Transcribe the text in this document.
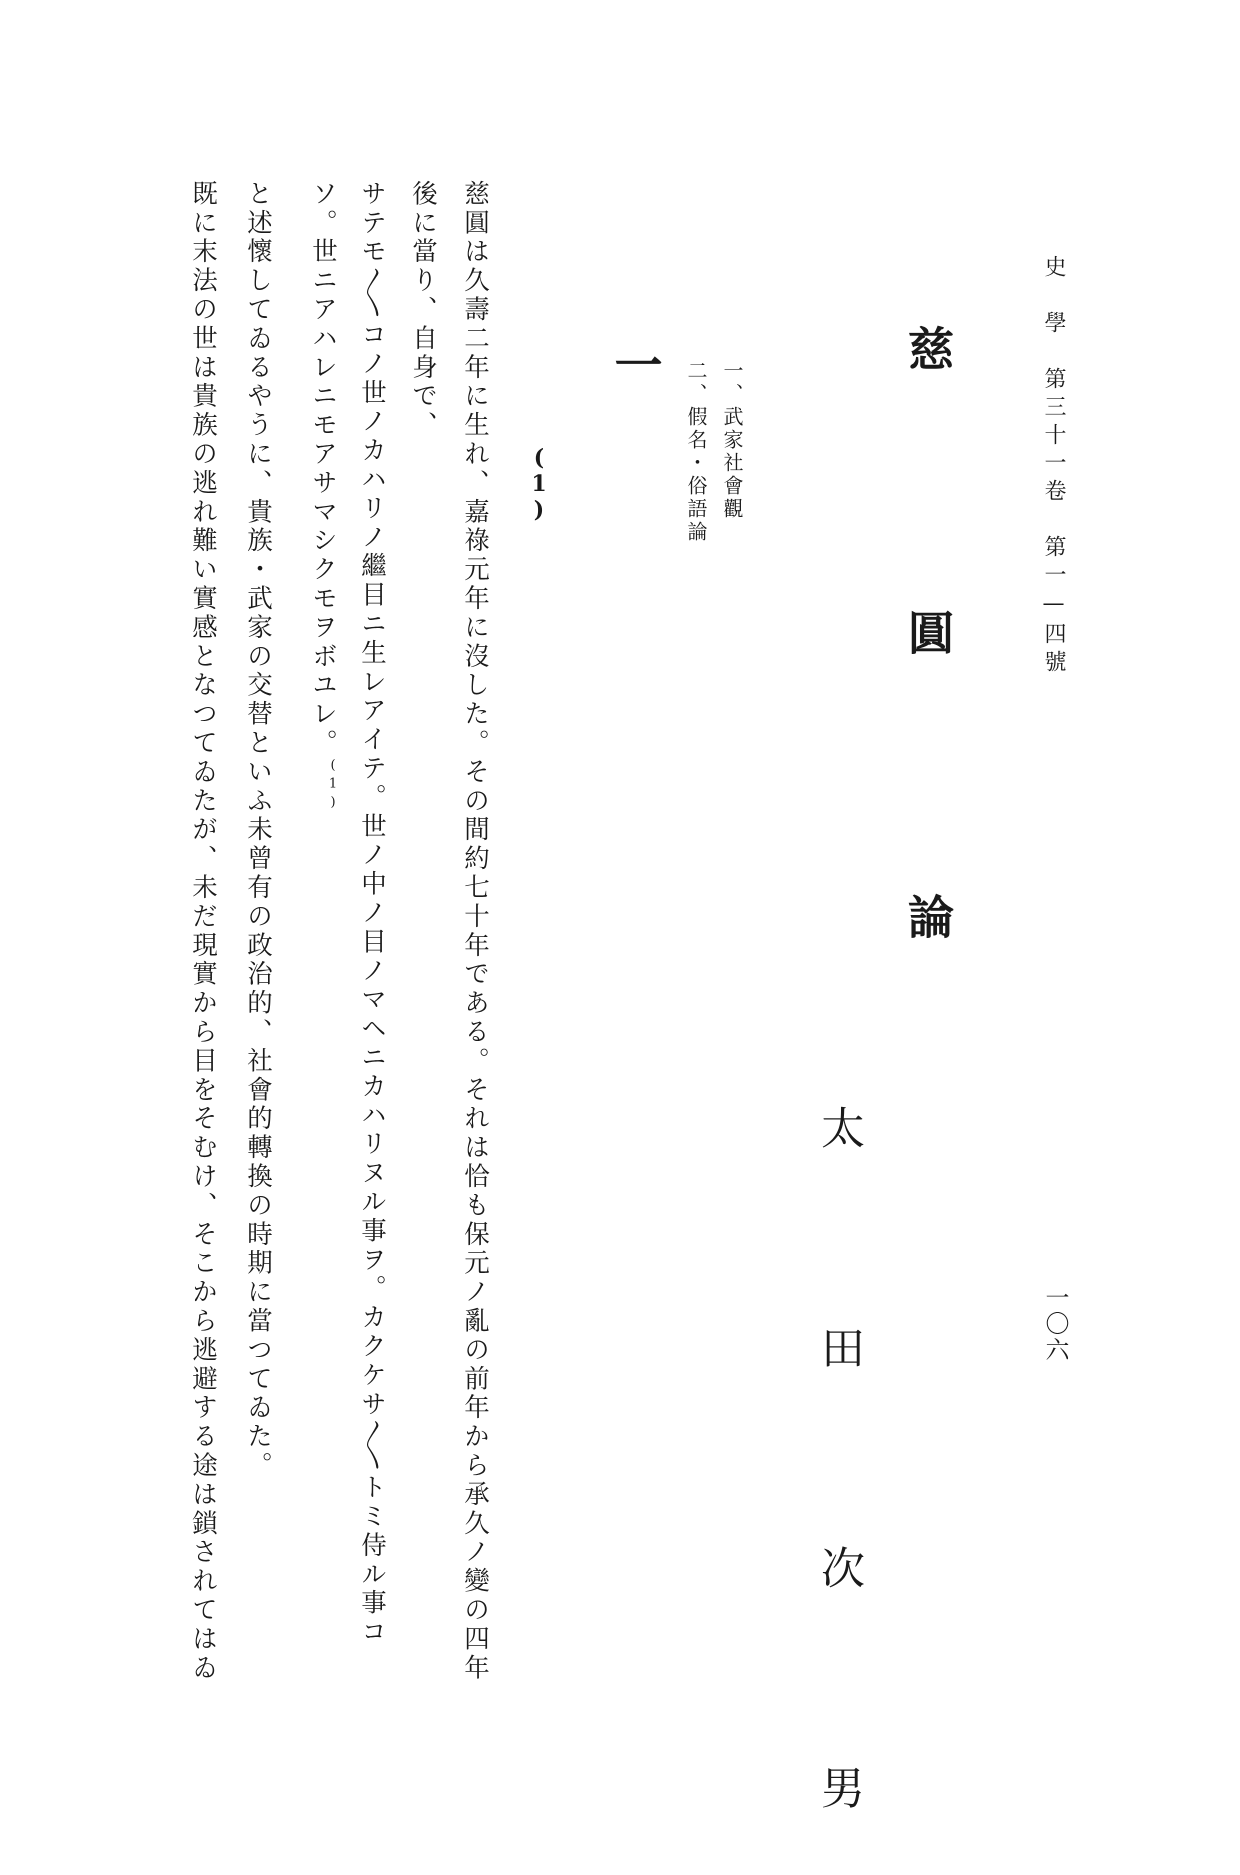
史　學　第三十一卷　第一—四號
一〇六
慈　圓　論
太　田　次　男
一、武家社會觀
二、假名・俗語論
一
(1)
慈圓は久壽二年に生れ、嘉祿元年に沒した。その間約七十年である。それは恰も保元ノ亂の前年から承久ノ變の四年
後に當り、自身で、
サテモ〳〵コノ世ノカハリノ繼目ニ生レアイテ。世ノ中ノ目ノマヘニカハリヌル事ヲ。カクケサ〳〵トミ侍ル事コ
ソ。世ニアハレニモアサマシクモヲボユレ。$^{(1)}$
と述懷してゐるやうに、貴族・武家の交替といふ未曾有の政治的、社會的轉換の時期に當つてゐた。
既に末法の世は貴族の逃れ難い實感となつてゐたが、未だ現實から目をそむけ、そこから逃避する途は鎖されてはゐ
